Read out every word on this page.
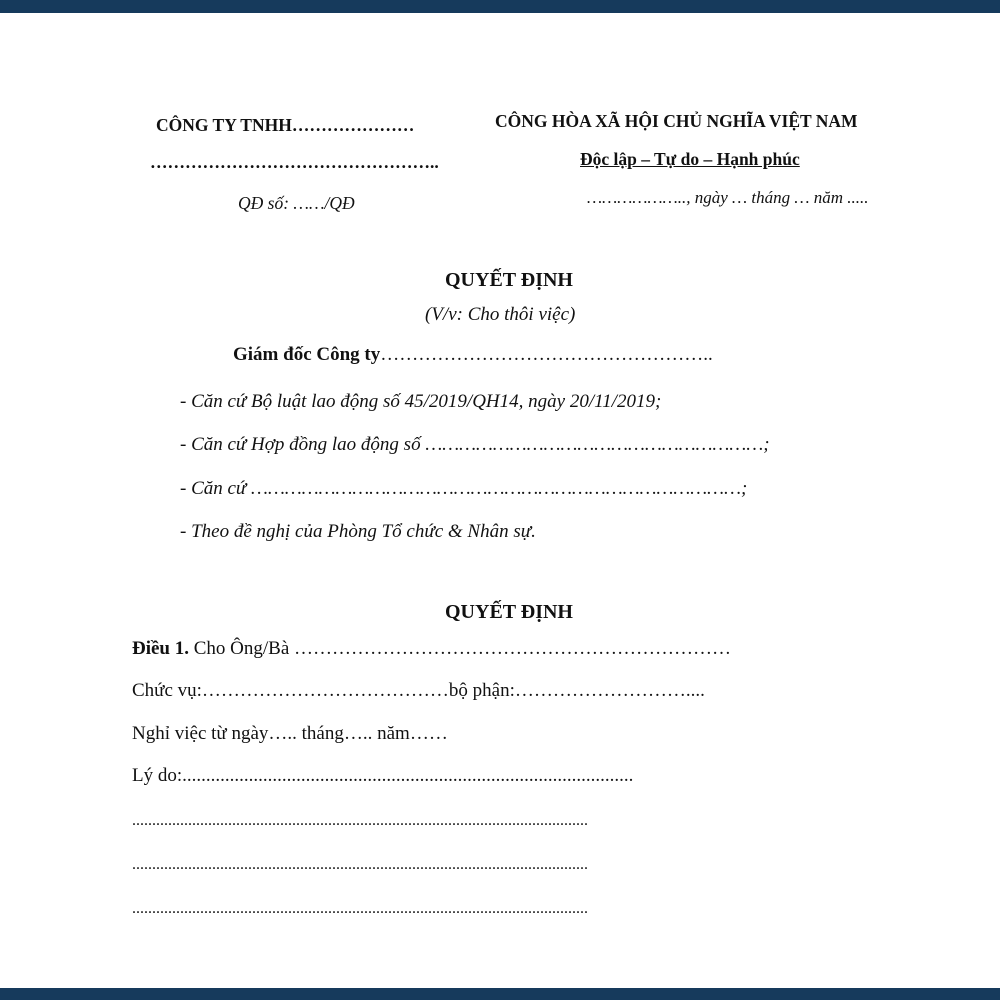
CÔNG TY TNHH…………………
…………………………………………..
QĐ số: ……/QĐ
CÔNG HÒA XÃ HỘI CHỦ NGHĨA VIỆT NAM
Độc lập – Tự do – Hạnh phúc
……………….., ngày … tháng … năm .....
QUYẾT ĐỊNH
(V/v: Cho thôi việc)
Giám đốc Công ty……………………………………………..
- Căn cứ Bộ luật lao động số 45/2019/QH14, ngày 20/11/2019;
- Căn cứ Hợp đồng lao động số ……………………………………………………;
- Căn cứ ……………………………………………………………………………;
- Theo đề nghị của Phòng Tổ chức & Nhân sự.
QUYẾT ĐỊNH
Điều 1. Cho Ông/Bà ……………………………………………………………
Chức vụ:…………………………………bộ phận:………………………....
Nghỉ việc từ ngày….. tháng….. năm……
Lý do:...............................................................................................
..................................................................................................................
..................................................................................................................
..................................................................................................................
